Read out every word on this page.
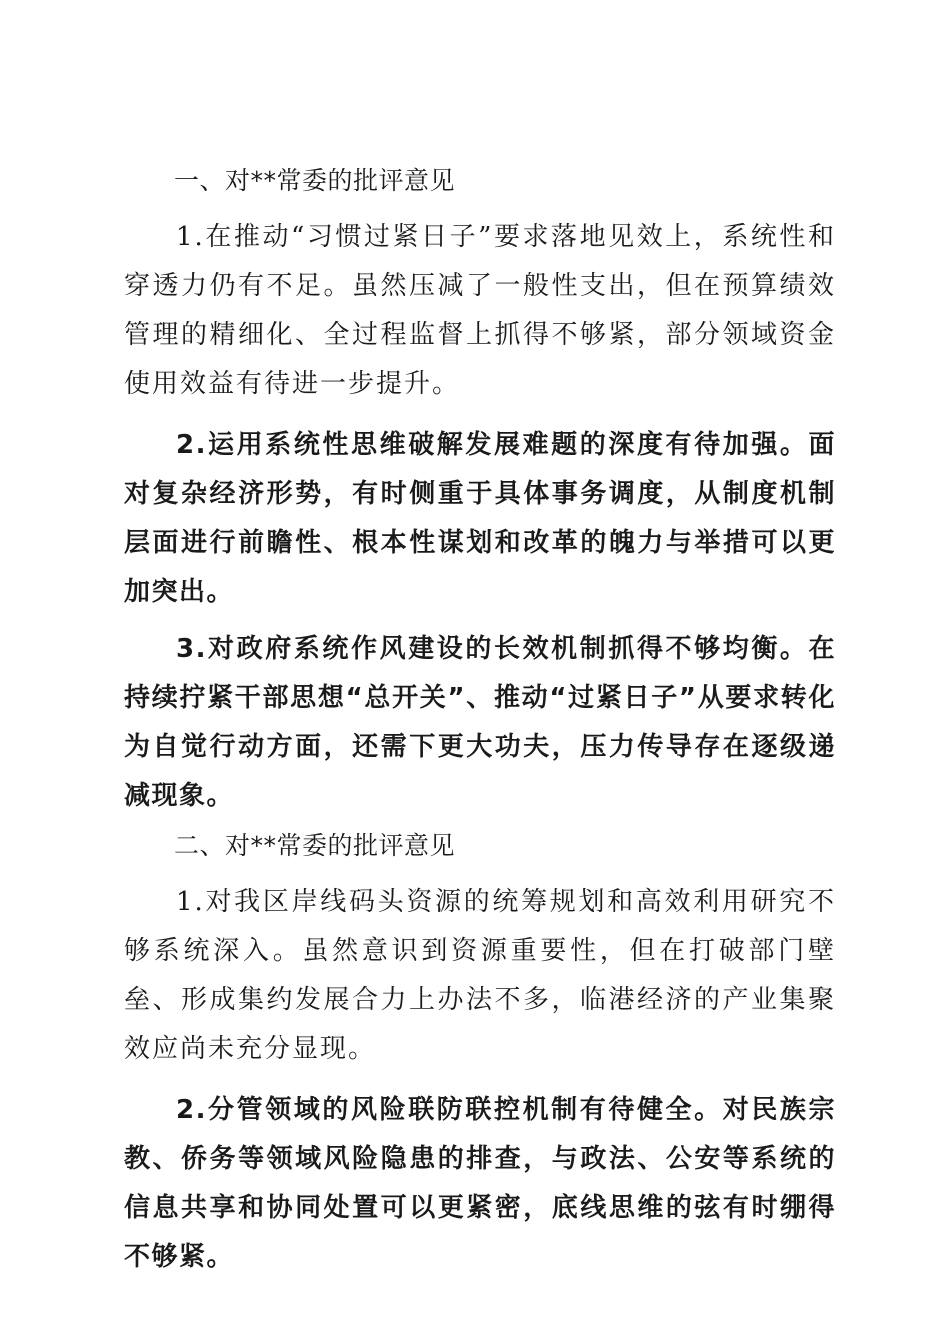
一、对**常委的批评意见

1.在推动“习惯过紧日子”要求落地见效上，系统性和穿透力仍有不足。虽然压减了一般性支出，但在预算绩效管理的精细化、全过程监督上抓得不够紧，部分领域资金使用效益有待进一步提升。

2.运用系统性思维破解发展难题的深度有待加强。面对复杂经济形势，有时侧重于具体事务调度，从制度机制层面进行前瞻性、根本性谋划和改革的魄力与举措可以更加突出。

3.对政府系统作风建设的长效机制抓得不够均衡。在持续拧紧干部思想“总开关”、推动“过紧日子”从要求转化为自觉行动方面，还需下更大功夫，压力传导存在逐级递减现象。

二、对**常委的批评意见

1.对我区岸线码头资源的统筹规划和高效利用研究不够系统深入。虽然意识到资源重要性，但在打破部门壁垒、形成集约发展合力上办法不多，临港经济的产业集聚效应尚未充分显现。

2.分管领域的风险联防联控机制有待健全。对民族宗教、侨务等领域风险隐患的排查，与政法、公安等系统的信息共享和协同处置可以更紧密，底线思维的弦有时绷得不够紧。
